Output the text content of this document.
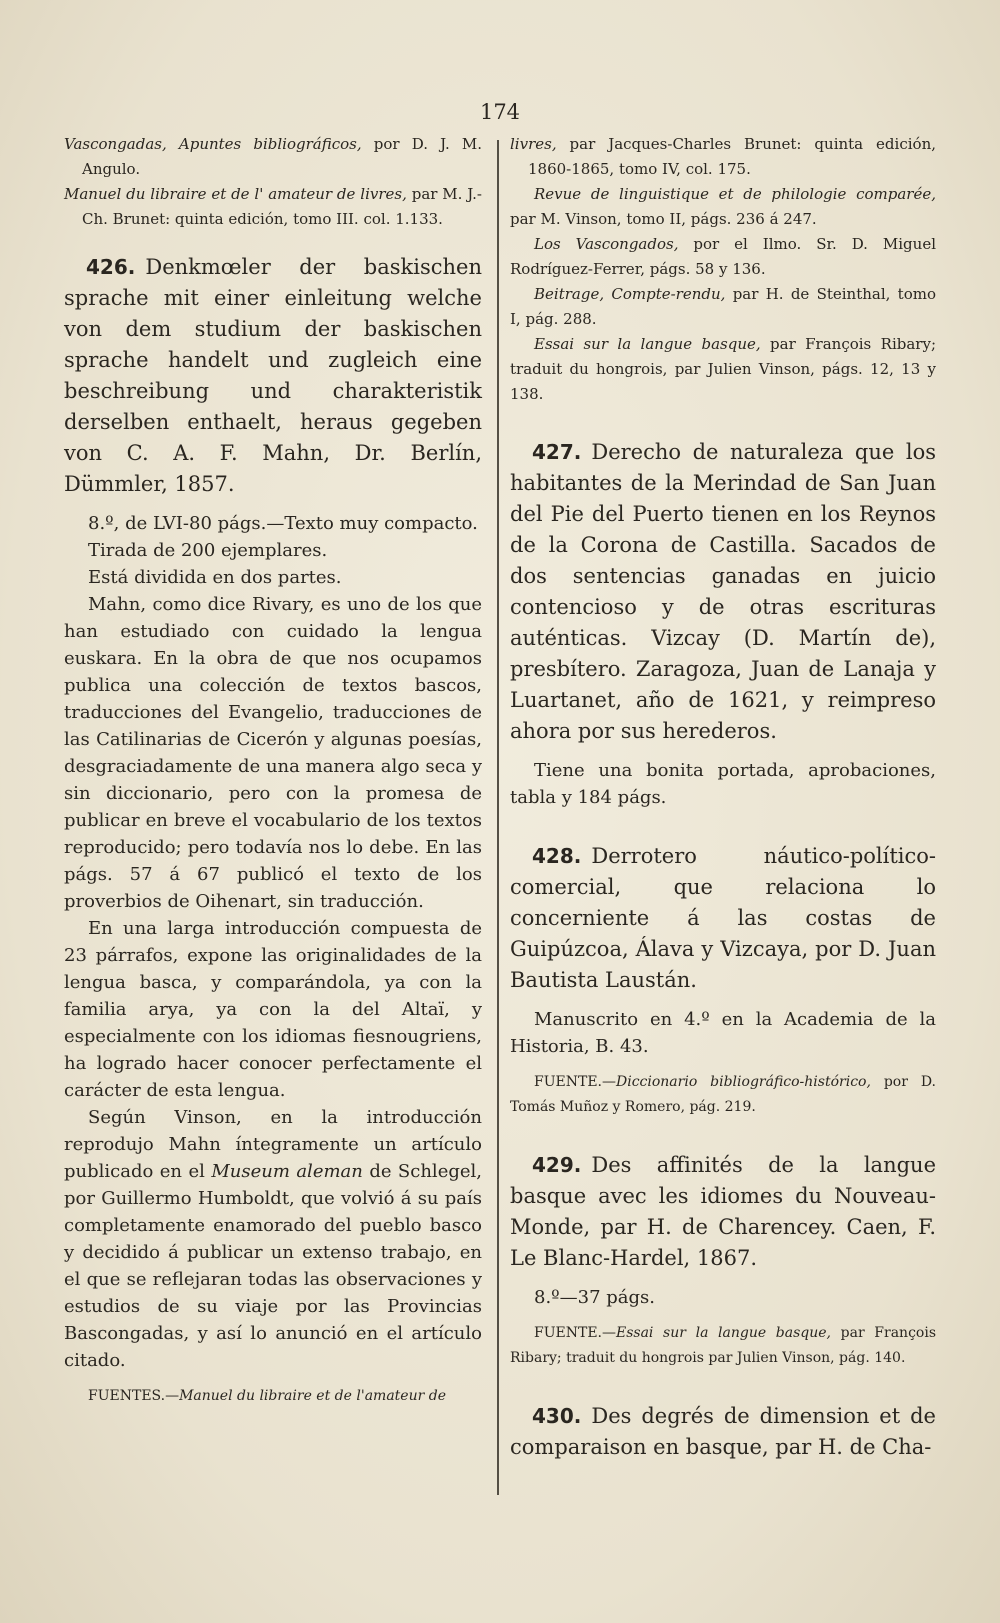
174

Vascongadas, Apuntes bibliográficos, por D. J. M. Angulo.

Manuel du libraire et de l' amateur de livres, par M. J.-Ch. Brunet: quinta edición, tomo III. col. 1.133.

426. Denkmœler der baskischen sprache mit einer einleitung welche von dem studium der baskischen sprache handelt und zugleich eine beschreibung und charakteristik derselben enthaelt, heraus gegeben von C. A. F. Mahn, Dr. Berlín, Dümmler, 1857.

8.º, de LVI-80 págs.—Texto muy compacto.

Tirada de 200 ejemplares.

Está dividida en dos partes.

Mahn, como dice Rivary, es uno de los que han estudiado con cuidado la lengua euskara. En la obra de que nos ocupamos publica una colección de textos bascos, traducciones del Evangelio, traducciones de las Catilinarias de Cicerón y algunas poesías, desgraciadamente de una manera algo seca y sin diccionario, pero con la promesa de publicar en breve el vocabulario de los textos reproducido; pero todavía nos lo debe. En las págs. 57 á 67 publicó el texto de los proverbios de Oihenart, sin traducción.

En una larga introducción compuesta de 23 párrafos, expone las originalidades de la lengua basca, y comparándola, ya con la familia arya, ya con la del Altaï, y especialmente con los idiomas fiesnougriens, ha logrado hacer conocer perfectamente el carácter de esta lengua.

Según Vinson, en la introducción reprodujo Mahn íntegramente un artículo publicado en el Museum aleman de Schlegel, por Guillermo Humboldt, que volvió á su país completamente enamorado del pueblo basco y decidido á publicar un extenso trabajo, en el que se reflejaran todas las observaciones y estudios de su viaje por las Provincias Bascongadas, y así lo anunció en el artículo citado.

FUENTES.—Manuel du libraire et de l'amateur de

livres, par Jacques-Charles Brunet: quinta edición, 1860-1865, tomo IV, col. 175.

Revue de linguistique et de philologie comparée, par M. Vinson, tomo II, págs. 236 á 247.

Los Vascongados, por el Ilmo. Sr. D. Miguel Rodríguez-Ferrer, págs. 58 y 136.

Beitrage, Compte-rendu, par H. de Steinthal, tomo I, pág. 288.

Essai sur la langue basque, par François Ribary; traduit du hongrois, par Julien Vinson, págs. 12, 13 y 138.

427. Derecho de naturaleza que los habitantes de la Merindad de San Juan del Pie del Puerto tienen en los Reynos de la Corona de Castilla. Sacados de dos sentencias ganadas en juicio contencioso y de otras escrituras auténticas. Vizcay (D. Martín de), presbítero. Zaragoza, Juan de Lanaja y Luartanet, año de 1621, y reimpreso ahora por sus herederos.

Tiene una bonita portada, aprobaciones, tabla y 184 págs.

428. Derrotero náutico-político-comercial, que relaciona lo concerniente á las costas de Guipúzcoa, Álava y Vizcaya, por D. Juan Bautista Laustán.

Manuscrito en 4.º en la Academia de la Historia, B. 43.

FUENTE.—Diccionario bibliográfico-histórico, por D. Tomás Muñoz y Romero, pág. 219.

429. Des affinités de la langue basque avec les idiomes du Nouveau-Monde, par H. de Charencey. Caen, F. Le Blanc-Hardel, 1867.

8.º—37 págs.

FUENTE.—Essai sur la langue basque, par François Ribary; traduit du hongrois par Julien Vinson, pág. 140.

430. Des degrés de dimension et de comparaison en basque, par H. de Cha-
